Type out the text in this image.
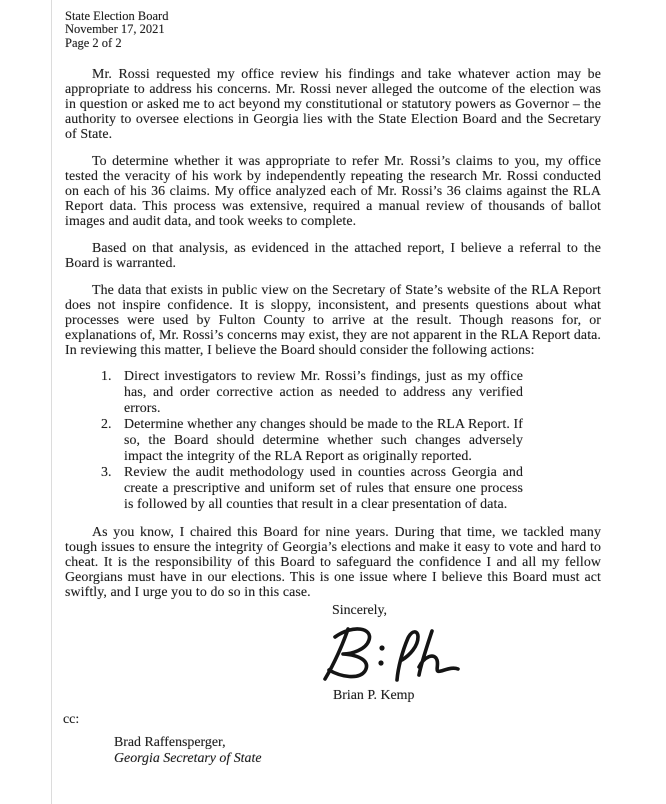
State Election Board
November 17, 2021
Page 2 of 2

Mr. Rossi requested my office review his findings and take whatever action may be appropriate to address his concerns. Mr. Rossi never alleged the outcome of the election was in question or asked me to act beyond my constitutional or statutory powers as Governor – the authority to oversee elections in Georgia lies with the State Election Board and the Secretary of State.

To determine whether it was appropriate to refer Mr. Rossi’s claims to you, my office tested the veracity of his work by independently repeating the research Mr. Rossi conducted on each of his 36 claims. My office analyzed each of Mr. Rossi’s 36 claims against the RLA Report data. This process was extensive, required a manual review of thousands of ballot images and audit data, and took weeks to complete.

Based on that analysis, as evidenced in the attached report, I believe a referral to the Board is warranted.

The data that exists in public view on the Secretary of State’s website of the RLA Report does not inspire confidence. It is sloppy, inconsistent, and presents questions about what processes were used by Fulton County to arrive at the result. Though reasons for, or explanations of, Mr. Rossi’s concerns may exist, they are not apparent in the RLA Report data. In reviewing this matter, I believe the Board should consider the following actions:

1. Direct investigators to review Mr. Rossi’s findings, just as my office has, and order corrective action as needed to address any verified errors.
2. Determine whether any changes should be made to the RLA Report. If so, the Board should determine whether such changes adversely impact the integrity of the RLA Report as originally reported.
3. Review the audit methodology used in counties across Georgia and create a prescriptive and uniform set of rules that ensure one process is followed by all counties that result in a clear presentation of data.

As you know, I chaired this Board for nine years. During that time, we tackled many tough issues to ensure the integrity of Georgia’s elections and make it easy to vote and hard to cheat. It is the responsibility of this Board to safeguard the confidence I and all my fellow Georgians must have in our elections. This is one issue where I believe this Board must act swiftly, and I urge you to do so in this case.

Sincerely,
Brian P. Kemp
cc:
Brad Raffensperger,
Georgia Secretary of State
